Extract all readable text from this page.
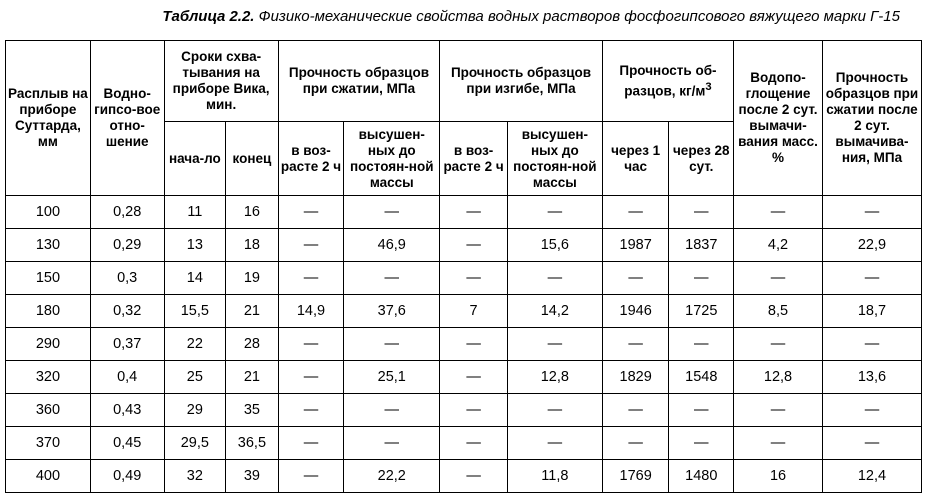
Таблица 2.2. Физико-механические свойства водных растворов фосфогипсового вяжущего марки Г-15

Расплыв на приборе Суттарда, мм	Водно-гипсо-вое отно-шение	Сроки схва-тывания на приборе Вика, мин.		Прочность образцов при сжатии, МПа		Прочность образцов при изгибе, МПа		Прочность об-разцов, $кг/м^3$		Водопо-глощение после 2 сут. вымачи-вания масс. %	Прочность образцов при сжатии после 2 сут. вымачива-ния, МПа
		нача-ло	конец	в воз-расте 2 ч	высушен-ных до постоян-ной массы	в воз-расте 2 ч	высушен-ных до постоян-ной массы	через 1 час	через 28 сут.		
100	0,28	11	16	—	—	—	—	—	—	—	—
130	0,29	13	18	—	46,9	—	15,6	1987	1837	4,2	22,9
150	0,3	14	19	—	—	—	—	—	—	—	—
180	0,32	15,5	21	14,9	37,6	7	14,2	1946	1725	8,5	18,7
290	0,37	22	28	—	—	—	—	—	—	—	—
320	0,4	25	21	—	25,1	—	12,8	1829	1548	12,8	13,6
360	0,43	29	35	—	—	—	—	—	—	—	—
370	0,45	29,5	36,5	—	—	—	—	—	—	—	—
400	0,49	32	39	—	22,2	—	11,8	1769	1480	16	12,4
